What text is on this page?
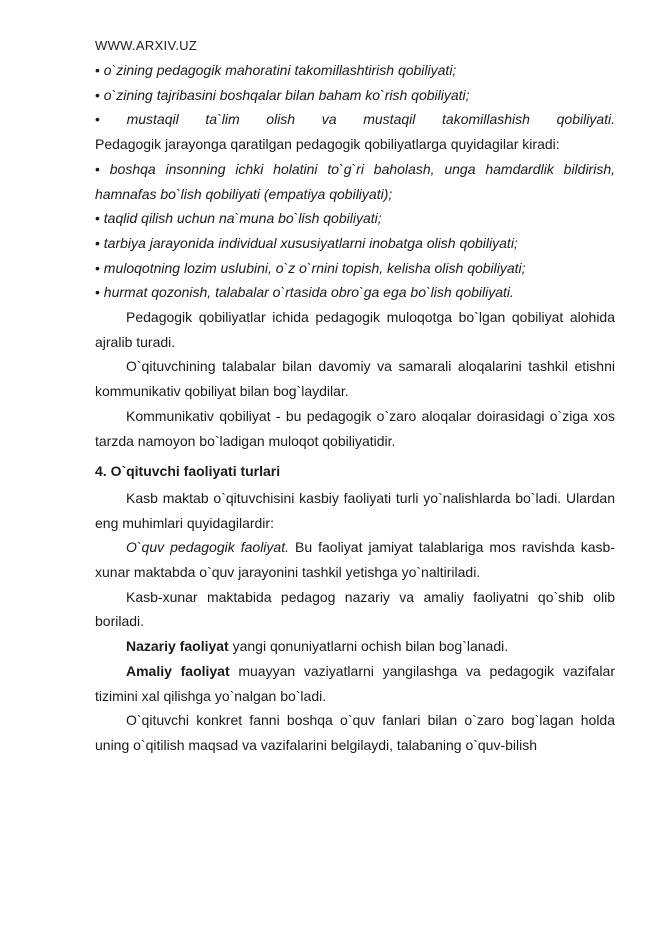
WWW.ARXIV.UZ

• o`zining pedagogik mahoratini takomillashtirish qobiliyati;

• o`zining tajribasini boshqalar bilan baham ko`rish qobiliyati;

• mustaqil ta`lim olish va mustaqil takomillashish qobiliyati.

Pedagogik jarayonga qaratilgan pedagogik qobiliyatlarga quyidagilar kiradi:

• boshqa insonning ichki holatini to`g`ri baholash, unga hamdardlik bildirish, hamnafas bo`lish qobiliyati (empatiya qobiliyati);

• taqlid qilish uchun na`muna bo`lish qobiliyati;

• tarbiya jarayonida individual xususiyatlarni inobatga olish qobiliyati;

• muloqotning lozim uslubini, o`z o`rnini topish, kelisha olish qobiliyati;

• hurmat qozonish, talabalar o`rtasida obro`ga ega bo`lish qobiliyati.

Pedagogik qobiliyatlar ichida pedagogik muloqotga bo`lgan qobiliyat alohida ajralib turadi.

O`qituvchining talabalar bilan davomiy va samarali aloqalarini tashkil etishni kommunikativ qobiliyat bilan bog`laydilar.

Kommunikativ qobiliyat - bu pedagogik o`zaro aloqalar doirasidagi o`ziga xos tarzda namoyon bo`ladigan muloqot qobiliyatidir.

4. O`qituvchi faoliyati turlari

Kasb maktab o`qituvchisini kasbiy faoliyati turli yo`nalishlarda bo`ladi. Ulardan eng muhimlari quyidagilardir:

O`quv pedagogik faoliyat. Bu faoliyat jamiyat talablariga mos ravishda kasb-xunar maktabda o`quv jarayonini tashkil yetishga yo`naltiriladi.

Kasb-xunar maktabida pedagog nazariy va amaliy faoliyatni qo`shib olib boriladi.

Nazariy faoliyat yangi qonuniyatlarni ochish bilan bog`lanadi.

Amaliy faoliyat muayyan vaziyatlarni yangilashga va pedagogik vazifalar tizimini xal qilishga yo`nalgan bo`ladi.

O`qituvchi konkret fanni boshqa o`quv fanlari bilan o`zaro bog`lagan holda uning o`qitilish maqsad va vazifalarini belgilaydi, talabaning o`quv-bilish
